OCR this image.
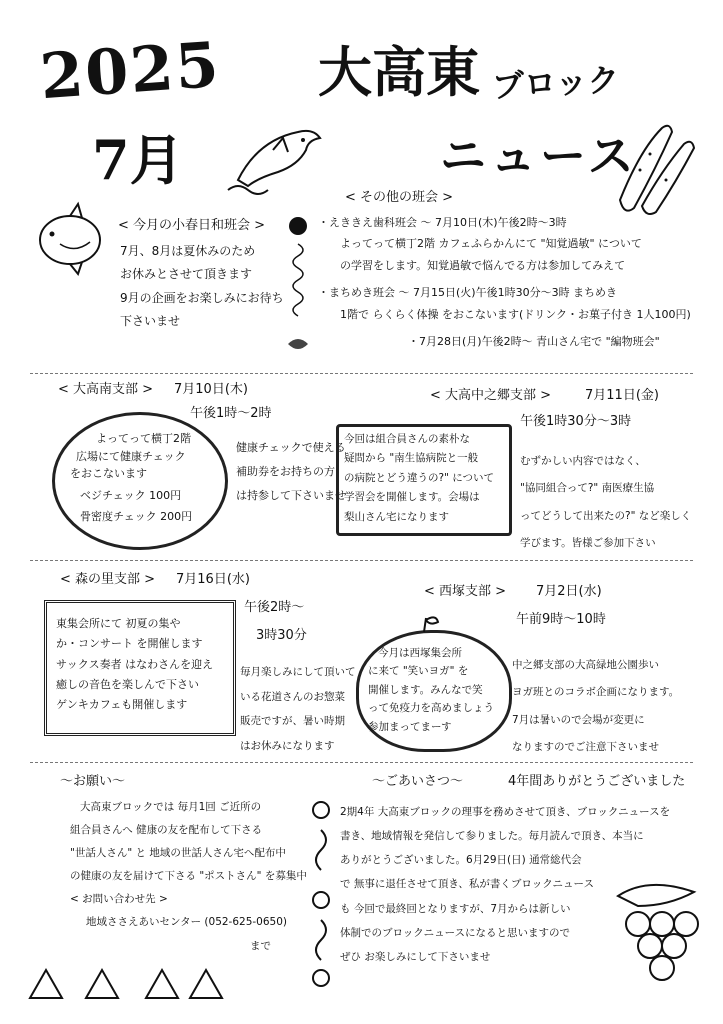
2025
7月
大高東 ブロック
ニュース
< 今月の小春日和班会 >
7月、8月は夏休みのため
お休みとさせて頂きます
9月の企画をお楽しみにお待ち
下さいませ
< その他の班会 >
・えききえ歯科班会 ～ 7月10日(木)午後2時～3時
よってって横丁2階 カフェふらかんにて "知覚過敏" について
の学習をします。知覚過敏で悩んでる方は参加してみえて
・まちめき班会 ～ 7月15日(火)午後1時30分～3時 まちめき
1階で らくらく体操 をおこないます(ドリンク・お菓子付き 1人100円)
・7月28日(月)午後2時～ 青山さん宅で "編物班会"
< 大高南支部 > 7月10日(木)
午後1時～2時
よってって横丁2階
広場にて健康チェック
をおこないます
ベジチェック 100円
骨密度チェック 200円
健康チェックで使える
補助券をお持ちの方
は持参して下さいませ
< 大高中之郷支部 >	7月11日(金)
午後1時30分～3時
今回は組合員さんの素朴な
疑問から "南生協病院と一般
の病院とどう違うの?" について
学習会を開催します。会場は
梨山さん宅になります
むずかしい内容ではなく、
"協同組合って?" 南医療生協
ってどうして出来たの?" など楽しく
学びます。皆様ご参加下さい
< 森の里支部 > 7月16日(水)
午後2時～
3時30分
東集会所にて 初夏の集や
か・コンサート を開催します
サックス奏者 はなわさんを迎え
癒しの音色を楽しんで下さい
ゲンキカフェも開催します
毎月楽しみにして頂いて
いる花道さんのお惣菜
販売ですが、暑い時期
はお休みになります
< 西塚支部 > 7月2日(水)
午前9時～10時
今月は西塚集会所
に来て "笑いヨガ" を
開催します。みんなで笑
って免疫力を高めましょう
参加まってまーす
中之郷支部の大高緑地公園歩い
ヨガ班とのコラボ企画になります。
7月は暑いので会場が変更に
なりますのでご注意下さいませ
～お願い～
大高東ブロックでは 毎月1回 ご近所の
組合員さんへ 健康の友を配布して下さる
"世話人さん" と 地域の世話人さん宅へ配布中
の健康の友を届けて下さる "ポストさん" を募集中
< お問い合わせ先 >
地域ささえあいセンター (052-625-0650)
まで
～ごあいさつ～	4年間ありがとうございました
2期4年 大高東ブロックの理事を務めさせて頂き、ブロックニュースを
書き、地域情報を発信して参りました。毎月読んで頂き、本当に
ありがとうございました。6月29日(日) 通常総代会
で 無事に退任させて頂き、私が書くブロックニュース
も 今回で最終回となりますが、7月からは新しい
体制でのブロックニュースになると思いますので
ぜひ お楽しみにして下さいませ
